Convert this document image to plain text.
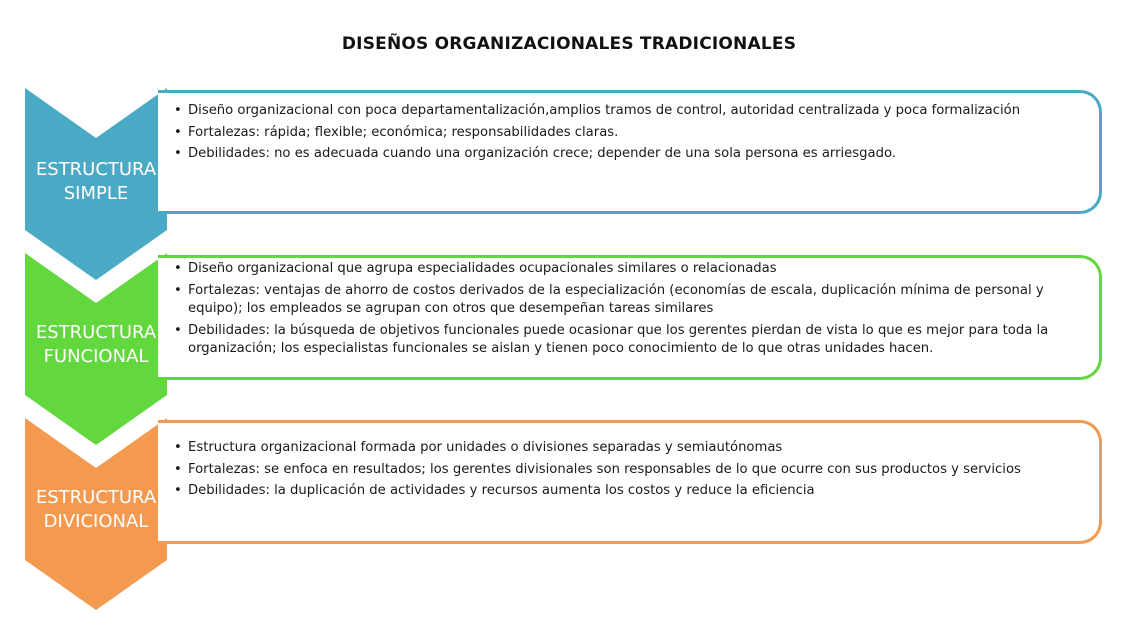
DISEÑOS ORGANIZACIONALES TRADICIONALES
ESTRUCTURA
SIMPLE
• Diseño organizacional con poca departamentalización,amplios tramos de control, autoridad centralizada y poca formalización
• Fortalezas: rápida; flexible; económica; responsabilidades claras.
• Debilidades: no es adecuada cuando una organización crece; depender de una sola persona es arriesgado.
ESTRUCTURA
FUNCIONAL
• Diseño organizacional que agrupa especialidades ocupacionales similares o relacionadas
• Fortalezas: ventajas de ahorro de costos derivados de la especialización (economías de escala, duplicación mínima de personal y equipo); los empleados se agrupan con otros que desempeñan tareas similares
• Debilidades: la búsqueda de objetivos funcionales puede ocasionar que los gerentes pierdan de vista lo que es mejor para toda la organización; los especialistas funcionales se aislan y tienen poco conocimiento de lo que otras unidades hacen.
ESTRUCTURA
DIVICIONAL
• Estructura organizacional formada por unidades o divisiones separadas y semiautónomas
• Fortalezas: se enfoca en resultados; los gerentes divisionales son responsables de lo que ocurre con sus productos y servicios
• Debilidades: la duplicación de actividades y recursos aumenta los costos y reduce la eficiencia
